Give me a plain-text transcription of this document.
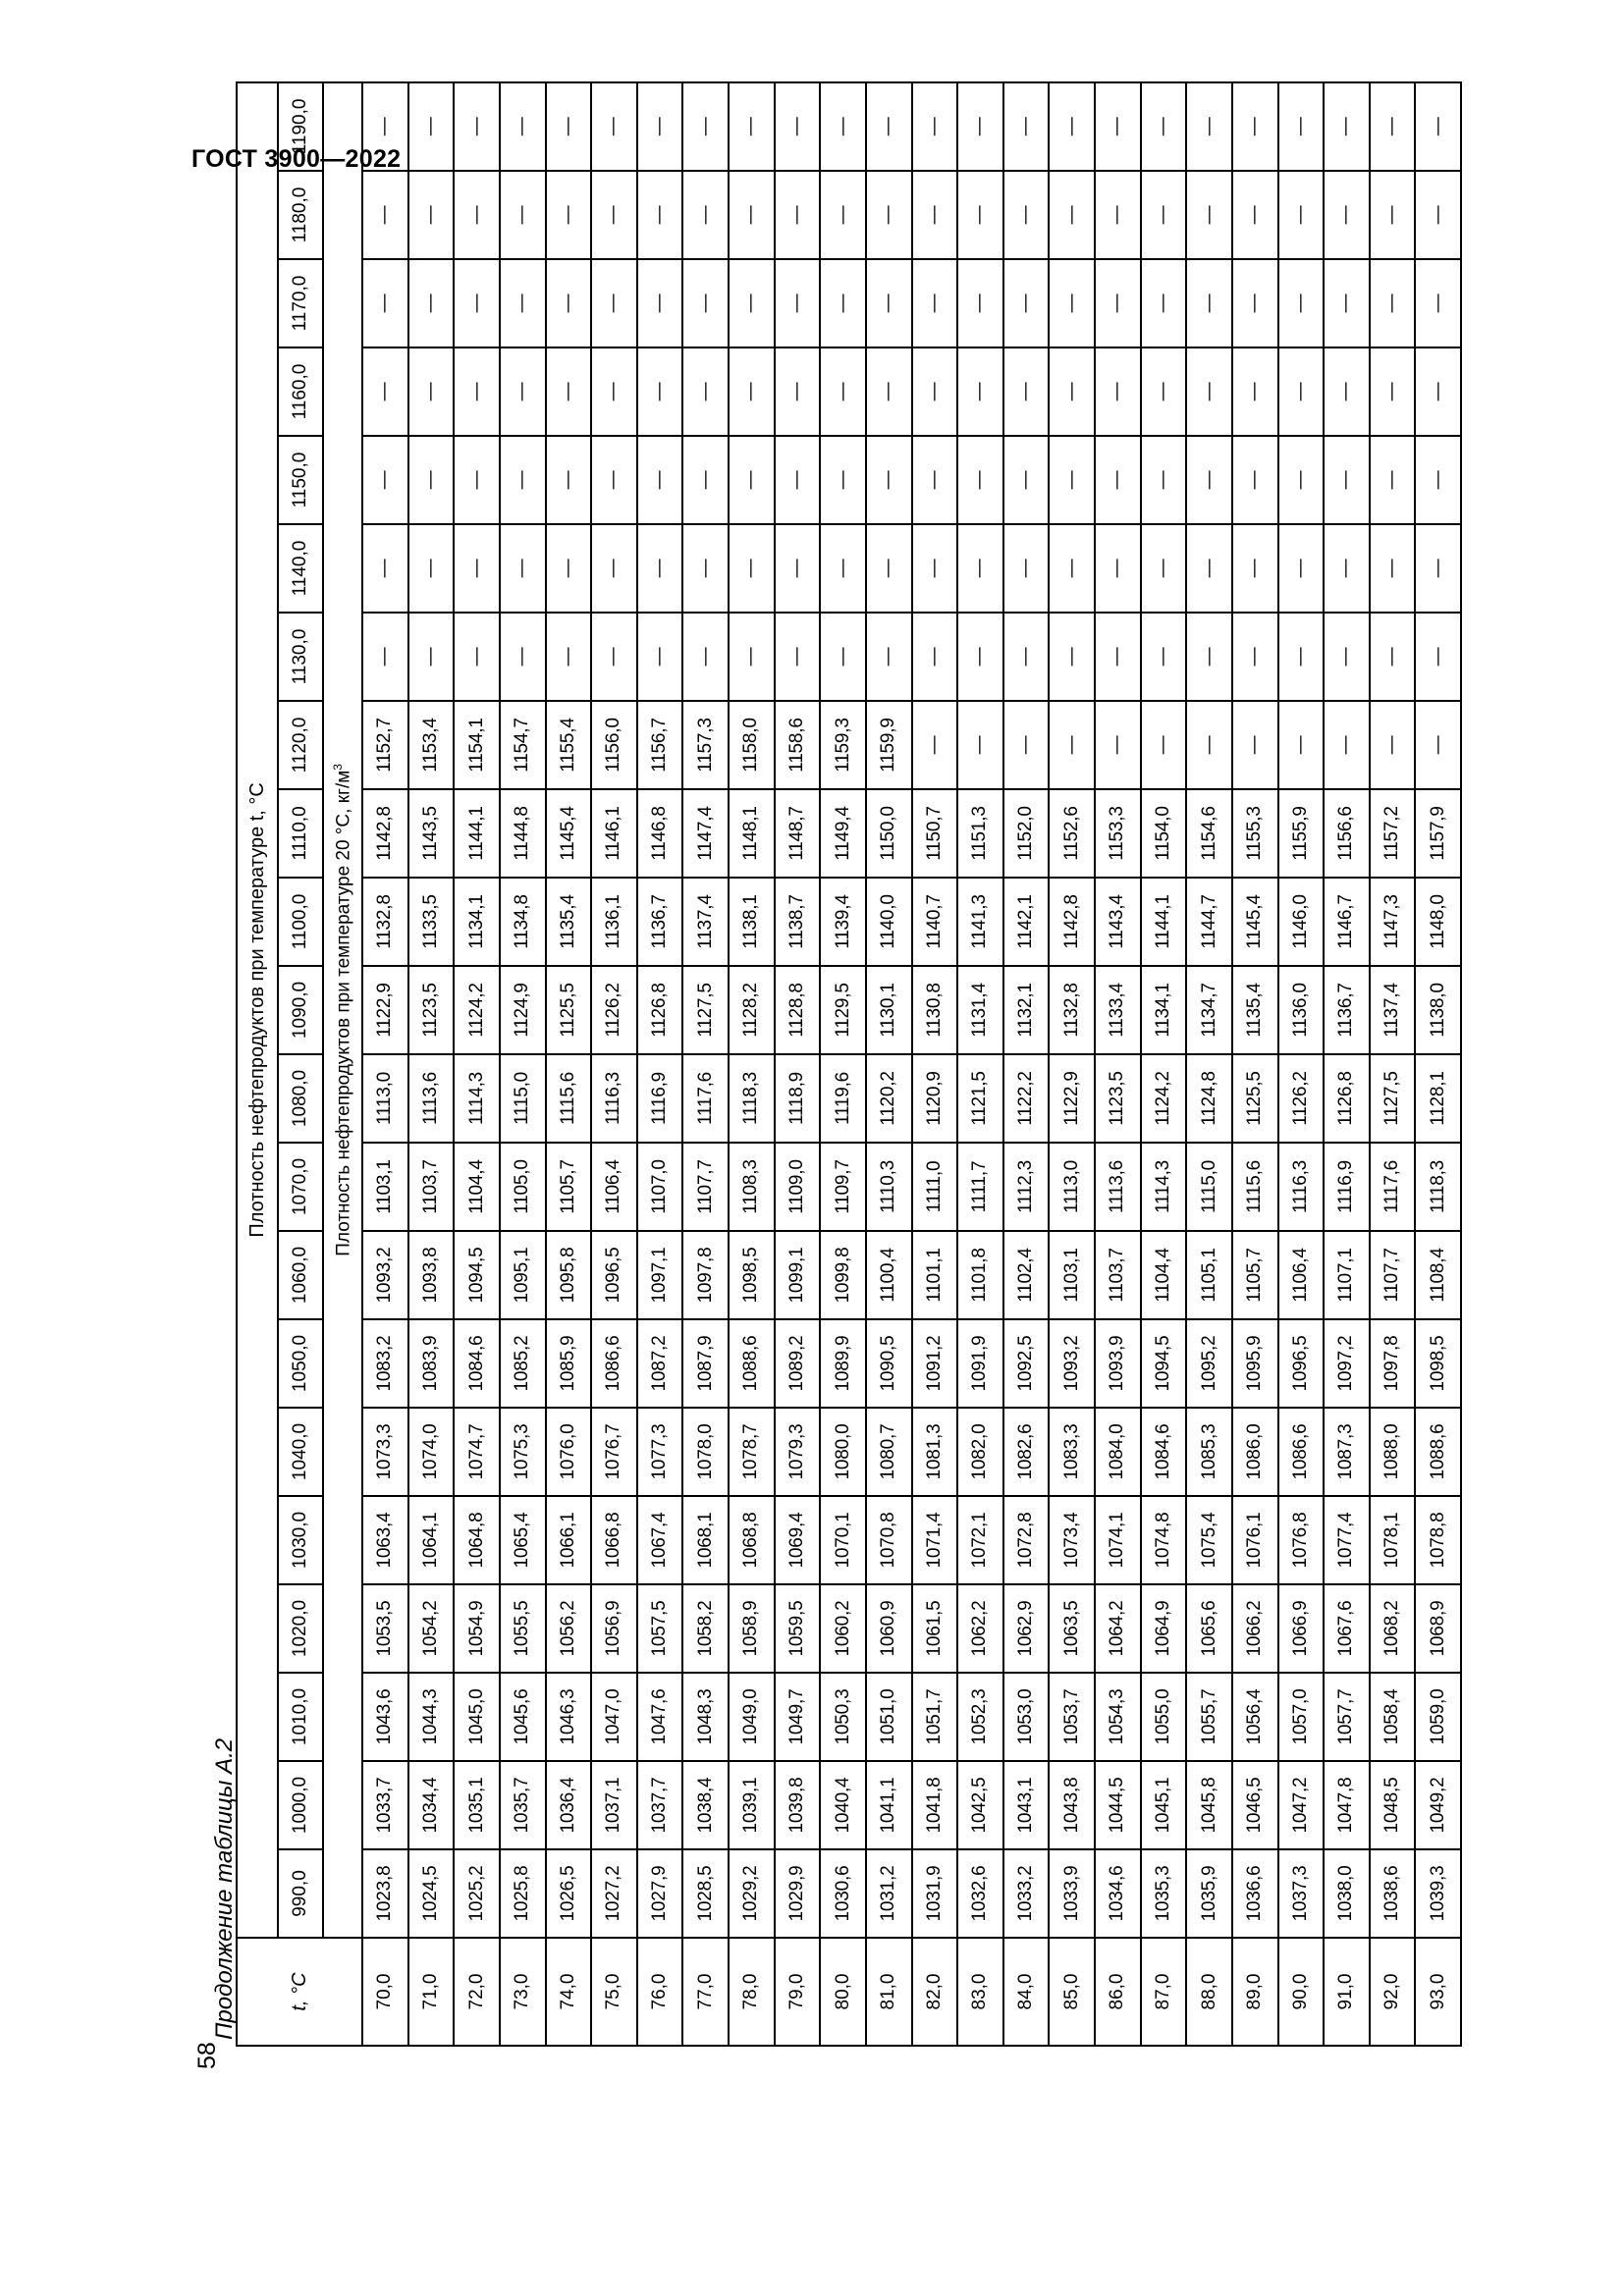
ГОСТ 3900—2022
58
Продолжение таблицы А.2	t, °C	Плотность нефтепродуктов при температуре t, °C																				
	990,0	1000,0	1010,0	1020,0	1030,0	1040,0	1050,0	1060,0	1070,0	1080,0	1090,0	1100,0	1110,0	1120,0	1130,0	1140,0	1150,0	1160,0	1170,0	1180,0	1190,0
	Плотность нефтепродуктов при температуре 20 °С, $кг/м^3$
70,0	1023,8	1033,7	1043,6	1053,5	1063,4	1073,3	1083,2	1093,2	1103,1	1113,0	1122,9	1132,8	1142,8	1152,7	—	—	—	—	—	—	—
71,0	1024,5	1034,4	1044,3	1054,2	1064,1	1074,0	1083,9	1093,8	1103,7	1113,6	1123,5	1133,5	1143,5	1153,4	—	—	—	—	—	—	—
72,0	1025,2	1035,1	1045,0	1054,9	1064,8	1074,7	1084,6	1094,5	1104,4	1114,3	1124,2	1134,1	1144,1	1154,1	—	—	—	—	—	—	—
73,0	1025,8	1035,7	1045,6	1055,5	1065,4	1075,3	1085,2	1095,1	1105,0	1115,0	1124,9	1134,8	1144,8	1154,7	—	—	—	—	—	—	—
74,0	1026,5	1036,4	1046,3	1056,2	1066,1	1076,0	1085,9	1095,8	1105,7	1115,6	1125,5	1135,4	1145,4	1155,4	—	—	—	—	—	—	—
75,0	1027,2	1037,1	1047,0	1056,9	1066,8	1076,7	1086,6	1096,5	1106,4	1116,3	1126,2	1136,1	1146,1	1156,0	—	—	—	—	—	—	—
76,0	1027,9	1037,7	1047,6	1057,5	1067,4	1077,3	1087,2	1097,1	1107,0	1116,9	1126,8	1136,7	1146,8	1156,7	—	—	—	—	—	—	—
77,0	1028,5	1038,4	1048,3	1058,2	1068,1	1078,0	1087,9	1097,8	1107,7	1117,6	1127,5	1137,4	1147,4	1157,3	—	—	—	—	—	—	—
78,0	1029,2	1039,1	1049,0	1058,9	1068,8	1078,7	1088,6	1098,5	1108,3	1118,3	1128,2	1138,1	1148,1	1158,0	—	—	—	—	—	—	—
79,0	1029,9	1039,8	1049,7	1059,5	1069,4	1079,3	1089,2	1099,1	1109,0	1118,9	1128,8	1138,7	1148,7	1158,6	—	—	—	—	—	—	—
80,0	1030,6	1040,4	1050,3	1060,2	1070,1	1080,0	1089,9	1099,8	1109,7	1119,6	1129,5	1139,4	1149,4	1159,3	—	—	—	—	—	—	—
81,0	1031,2	1041,1	1051,0	1060,9	1070,8	1080,7	1090,5	1100,4	1110,3	1120,2	1130,1	1140,0	1150,0	1159,9	—	—	—	—	—	—	—
82,0	1031,9	1041,8	1051,7	1061,5	1071,4	1081,3	1091,2	1101,1	1111,0	1120,9	1130,8	1140,7	1150,7	—	—	—	—	—	—	—	—
83,0	1032,6	1042,5	1052,3	1062,2	1072,1	1082,0	1091,9	1101,8	1111,7	1121,5	1131,4	1141,3	1151,3	—	—	—	—	—	—	—	—
84,0	1033,2	1043,1	1053,0	1062,9	1072,8	1082,6	1092,5	1102,4	1112,3	1122,2	1132,1	1142,1	1152,0	—	—	—	—	—	—	—	—
85,0	1033,9	1043,8	1053,7	1063,5	1073,4	1083,3	1093,2	1103,1	1113,0	1122,9	1132,8	1142,8	1152,6	—	—	—	—	—	—	—	—
86,0	1034,6	1044,5	1054,3	1064,2	1074,1	1084,0	1093,9	1103,7	1113,6	1123,5	1133,4	1143,4	1153,3	—	—	—	—	—	—	—	—
87,0	1035,3	1045,1	1055,0	1064,9	1074,8	1084,6	1094,5	1104,4	1114,3	1124,2	1134,1	1144,1	1154,0	—	—	—	—	—	—	—	—
88,0	1035,9	1045,8	1055,7	1065,6	1075,4	1085,3	1095,2	1105,1	1115,0	1124,8	1134,7	1144,7	1154,6	—	—	—	—	—	—	—	—
89,0	1036,6	1046,5	1056,4	1066,2	1076,1	1086,0	1095,9	1105,7	1115,6	1125,5	1135,4	1145,4	1155,3	—	—	—	—	—	—	—	—
90,0	1037,3	1047,2	1057,0	1066,9	1076,8	1086,6	1096,5	1106,4	1116,3	1126,2	1136,0	1146,0	1155,9	—	—	—	—	—	—	—	—
91,0	1038,0	1047,8	1057,7	1067,6	1077,4	1087,3	1097,2	1107,1	1116,9	1126,8	1136,7	1146,7	1156,6	—	—	—	—	—	—	—	—
92,0	1038,6	1048,5	1058,4	1068,2	1078,1	1088,0	1097,8	1107,7	1117,6	1127,5	1137,4	1147,3	1157,2	—	—	—	—	—	—	—	—
93,0	1039,3	1049,2	1059,0	1068,9	1078,8	1088,6	1098,5	1108,4	1118,3	1128,1	1138,0	1148,0	1157,9	—	—	—	—	—	—	—	—
